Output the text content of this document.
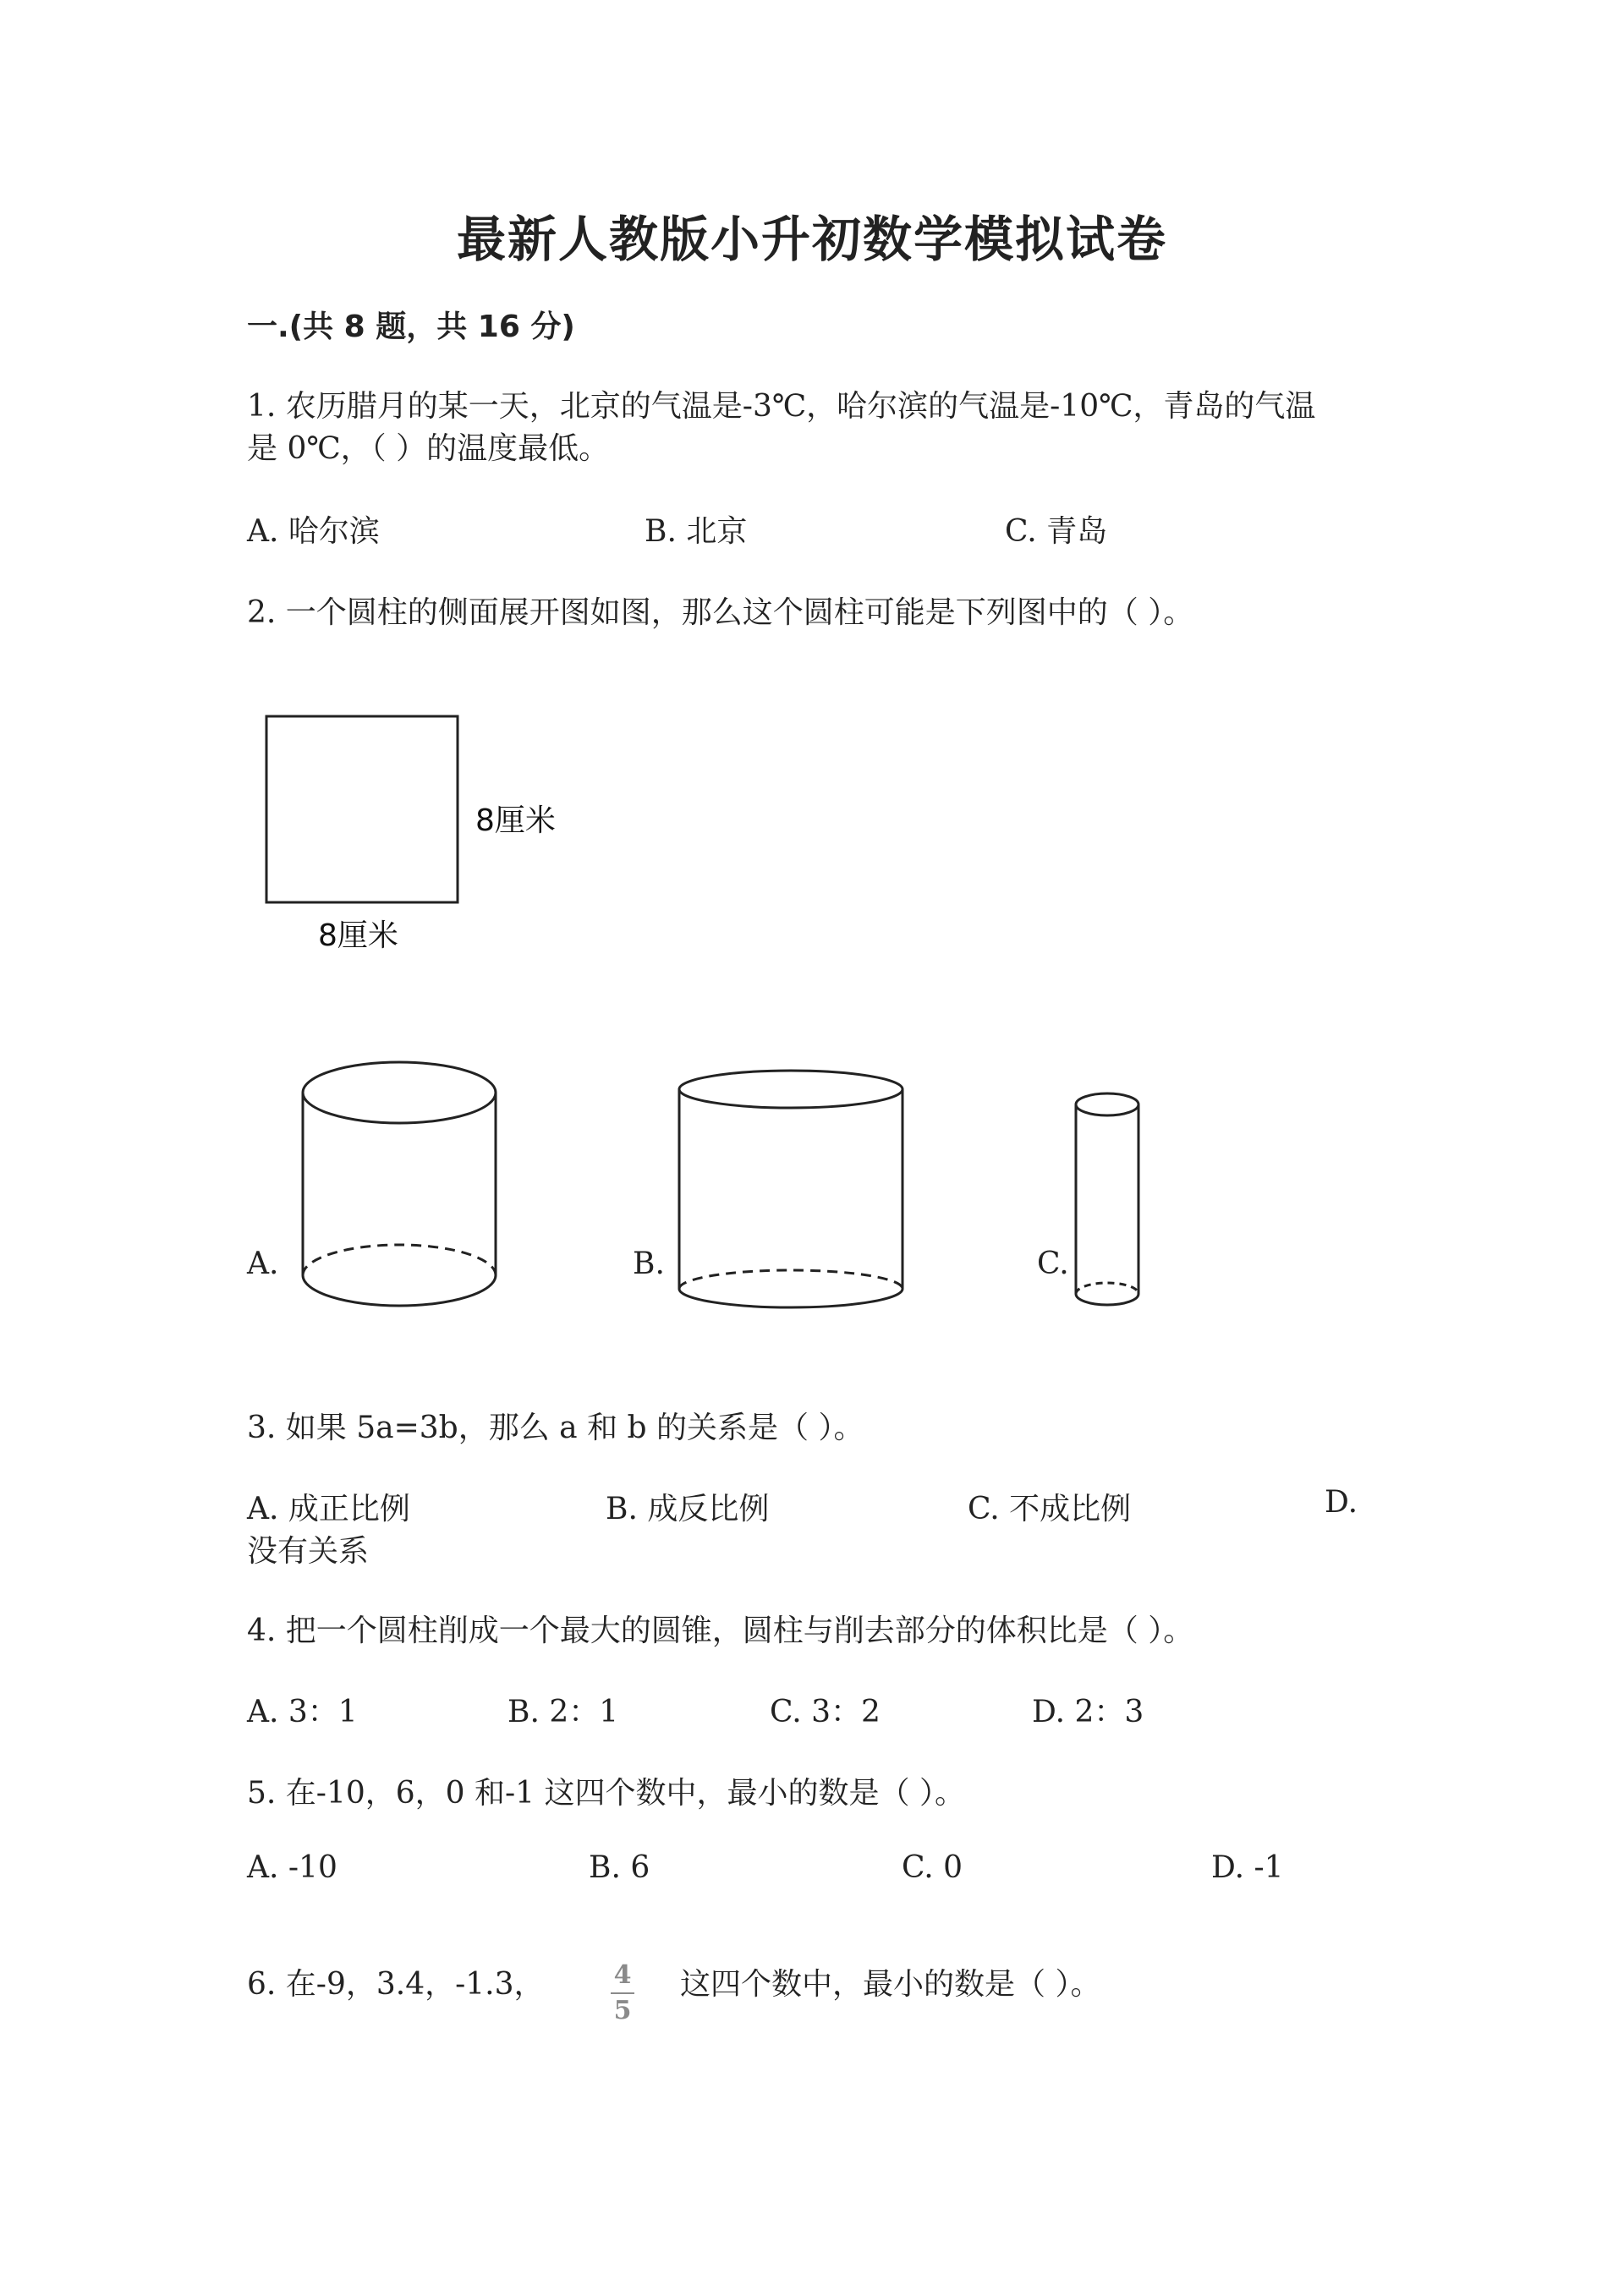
最新人教版小升初数学模拟试卷
一.(共 8 题，共 16 分)
1. 农历腊月的某一天，北京的气温是-3℃，哈尔滨的气温是-10℃，青岛的气温
是 0℃，（ ）的温度最低。
A. 哈尔滨	B. 北京	C. 青岛
2. 一个圆柱的侧面展开图如图，那么这个圆柱可能是下列图中的（ ）。
8厘米
8厘米
A.	B.	C.
3. 如果 5a=3b，那么 a 和 b 的关系是（ ）。
A. 成正比例	B. 成反比例	C. 不成比例	D.
没有关系
4. 把一个圆柱削成一个最大的圆锥，圆柱与削去部分的体积比是（ ）。
A. 3：1	B. 2：1	C. 3：2	D. 2：3
5. 在-10，6，0 和-1 这四个数中，最小的数是（ ）。
A. -10	B. 6	C. 0	D. -1
6. 在-9，3.4，-1.3，	4
5
这四个数中，最小的数是（ ）。
